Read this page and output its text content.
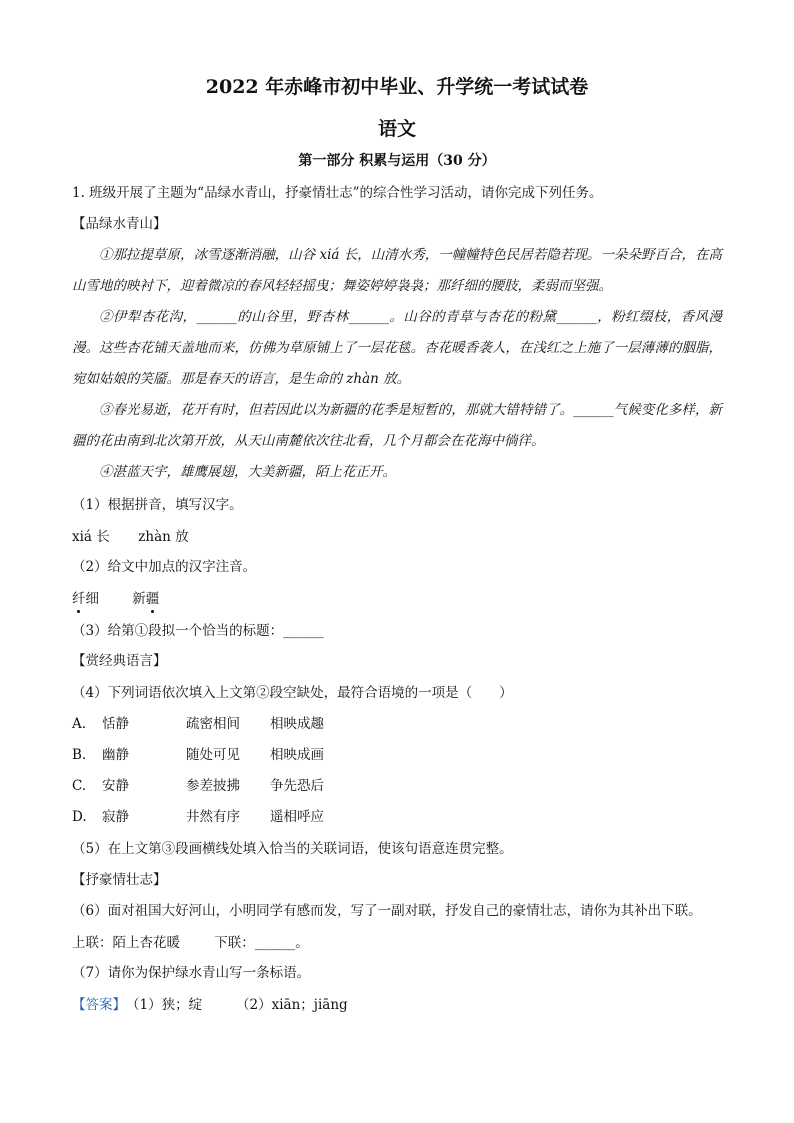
2022 年赤峰市初中毕业、升学统一考试试卷
语文
第一部分 积累与运用（30 分）
1. 班级开展了主题为“品绿水青山，抒豪情壮志”的综合性学习活动，请你完成下列任务。
【品绿水青山】
①那拉提草原，冰雪逐渐消融，山谷 xiá 长，山清水秀，一幢幢特色民居若隐若现。一朵朵野百合，在高山雪地的映衬下，迎着微凉的春风轻轻摇曳；舞姿婷婷袅袅；那纤细的腰肢，柔弱而坚强。
②伊犁杏花沟，______的山谷里，野杏林______。山谷的青草与杏花的粉黛______，粉红缀枝，香风漫漫。这些杏花铺天盖地而来，仿佛为草原铺上了一层花毯。杏花暖香袭人，在浅红之上施了一层薄薄的胭脂，宛如姑娘的笑靥。那是春天的语言，是生命的 zhàn 放。
③春光易逝，花开有时，但若因此以为新疆的花季是短暂的，那就大错特错了。______气候变化多样，新疆的花由南到北次第开放，从天山南麓依次往北看，几个月都会在花海中徜徉。
④湛蓝天宇，雄鹰展翅，大美新疆，陌上花正开。
（1）根据拼音，填写汉字。
xiá 长 zhàn 放
（2）给文中加点的汉字注音。
纤细 新疆
（3）给第①段拟一个恰当的标题：______
【赏经典语言】
（4）下列词语依次填入上文第②段空缺处，最符合语境的一项是（　　）
A. 恬静	疏密相间 相映成趣
B. 幽静	随处可见 相映成画
C. 安静	参差披拂 争先恐后
D. 寂静	井然有序 遥相呼应
（5）在上文第③段画横线处填入恰当的关联词语，使该句语意连贯完整。
【抒豪情壮志】
（6）面对祖国大好河山，小明同学有感而发，写了一副对联，抒发自己的豪情壮志，请你为其补出下联。
上联：陌上杏花暖	下联：______。
（7）请你为保护绿水青山写一条标语。
【答案】（1）狭；绽	（2）xiān；jiāng
